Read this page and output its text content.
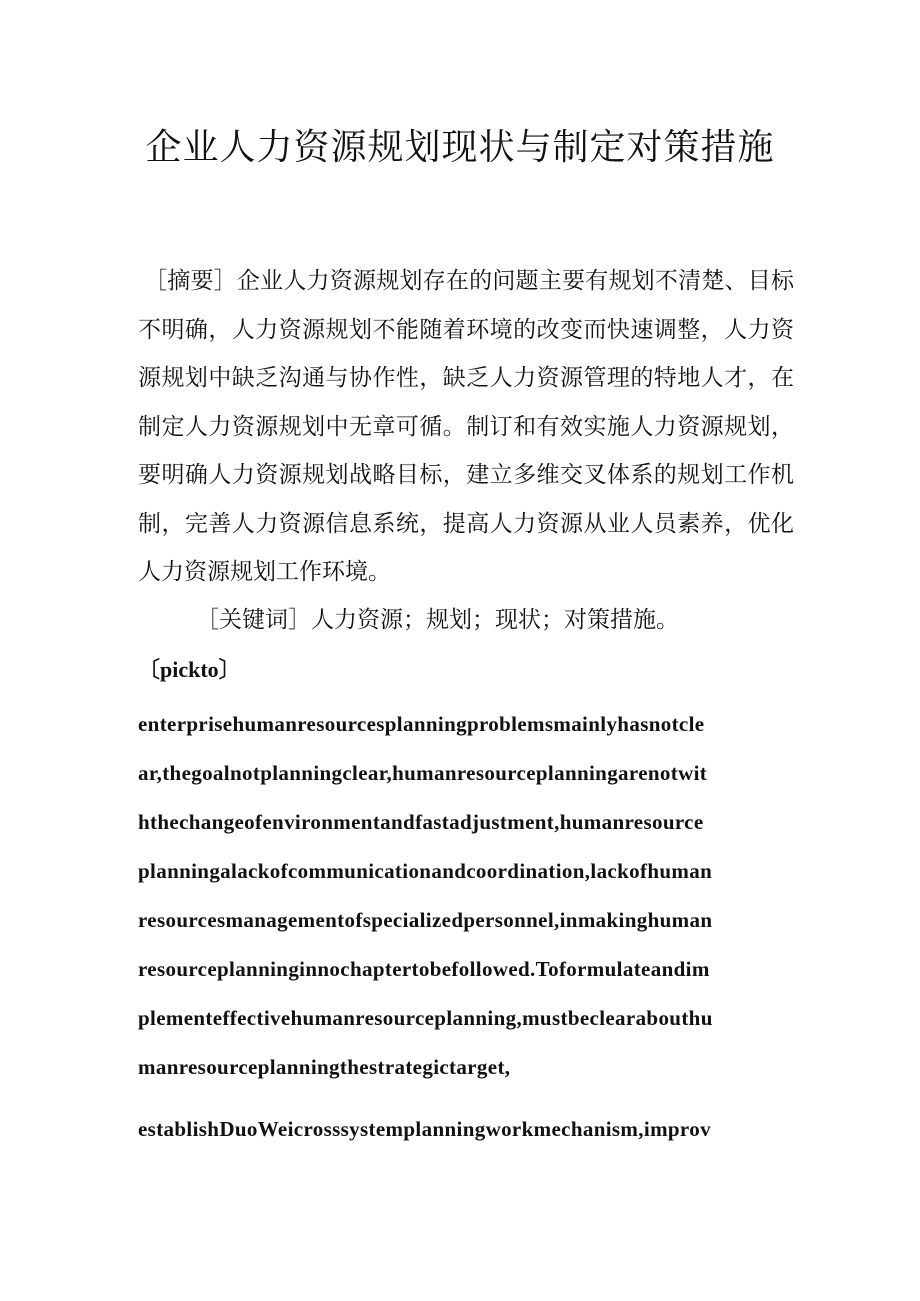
企业人力资源规划现状与制定对策措施

［摘要］企业人力资源规划存在的问题主要有规划不清楚、目标不明确，人力资源规划不能随着环境的改变而快速调整，人力资源规划中缺乏沟通与协作性，缺乏人力资源管理的特地人才，在制定人力资源规划中无章可循。制订和有效实施人力资源规划，要明确人力资源规划战略目标，建立多维交叉体系的规划工作机制，完善人力资源信息系统，提高人力资源从业人员素养，优化人力资源规划工作环境。

［关键词］人力资源；规划；现状；对策措施。

〔pickto〕
enterprisehumanresourcesplanningproblemsmainlyhasnotcle
ar,thegoalnotplanningclear,humanresourceplanningarenotwit
hthechangeofenvironmentandfastadjustment,humanresource
planningalackofcommunicationandcoordination,lackofhuman
resourcesmanagementofspecializedpersonnel,inmakinghuman
resourceplanninginnochaptertobefollowed.Toformulateandim
plementeffectivehumanresourceplanning,mustbeclearabouthu
manresourceplanningthestrategictarget,
establishDuoWeicrosssystemplanningworkmechanism,improv
